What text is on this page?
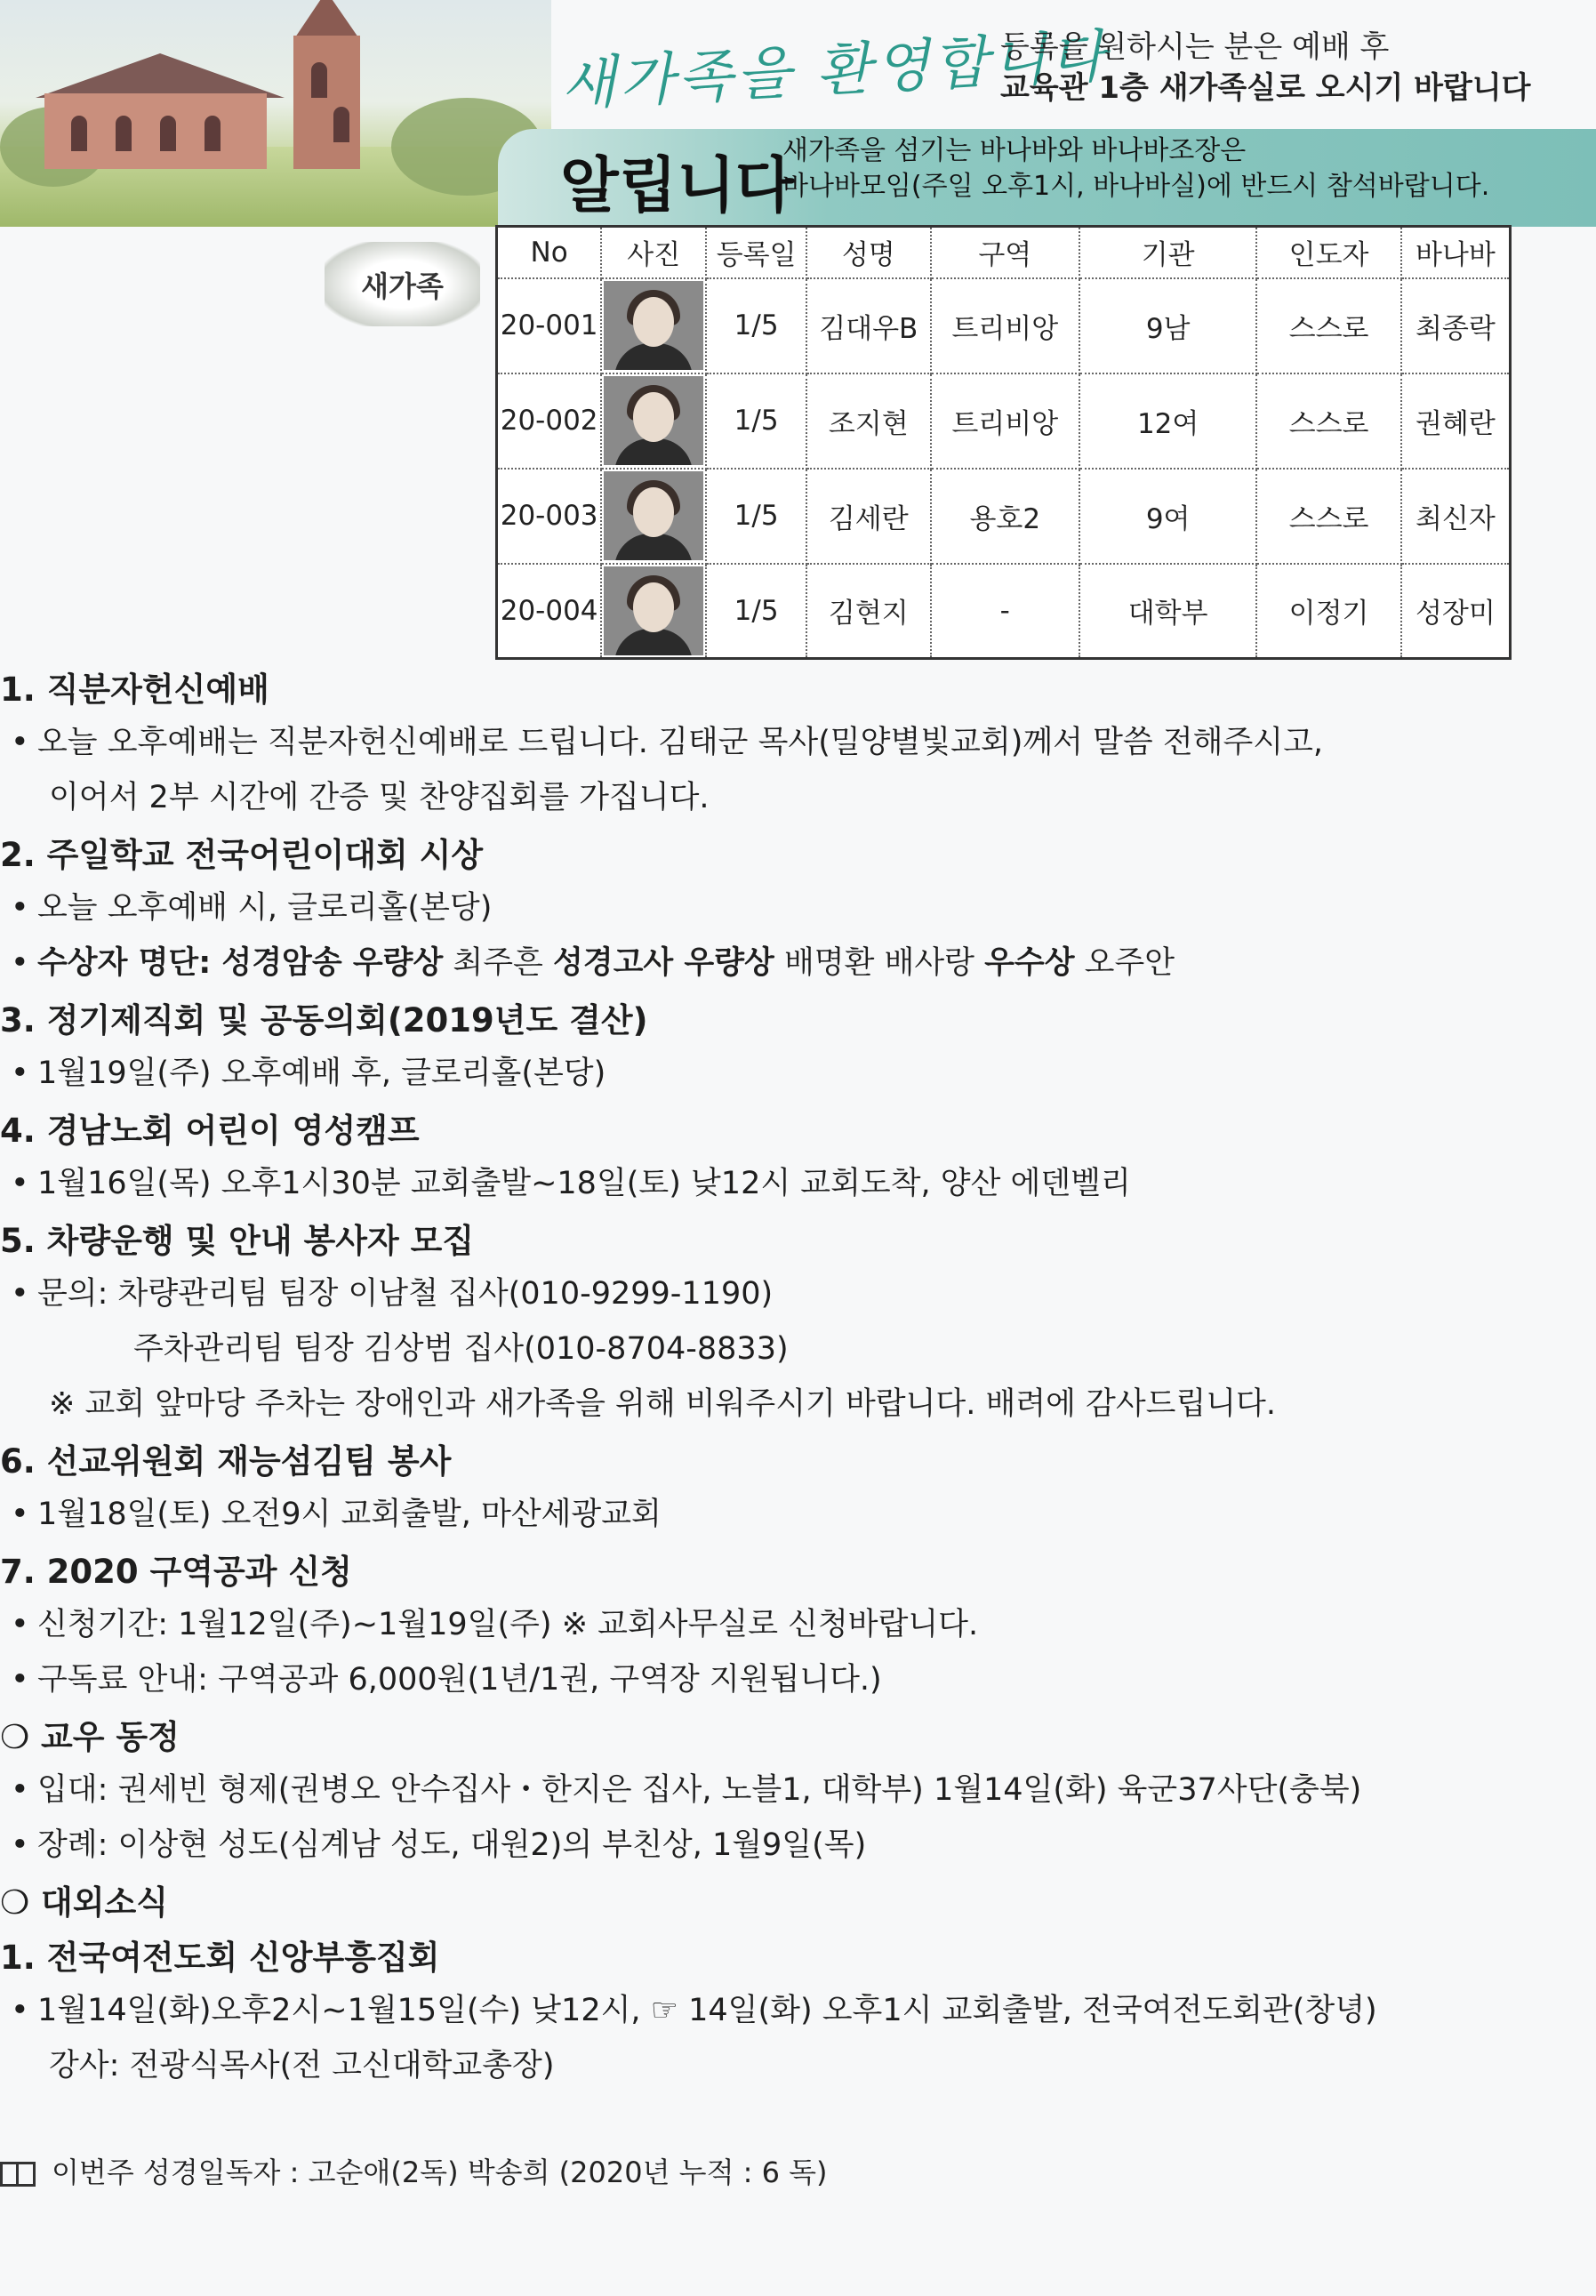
새가족을 환영합니다
등록을 원하시는 분은 예배 후
교육관 1층 새가족실로 오시기 바랍니다
알립니다
새가족을 섬기는 바나바와 바나바조장은
바나바모임(주일 오후1시, 바나바실)에 반드시 참석바랍니다.
새가족
No	사진	등록일	성명	구역	기관	인도자	바나바
20-001		1/5	김대우B	트리비앙	9남	스스로	최종락
20-002		1/5	조지현	트리비앙	12여	스스로	권혜란
20-003		1/5	김세란	용호2	9여	스스로	최신자
20-004		1/5	김현지	-	대학부	이정기	성장미
1. 직분자헌신예배
• 오늘 오후예배는 직분자헌신예배로 드립니다. 김태군 목사(밀양별빛교회)께서 말씀 전해주시고,
이어서 2부 시간에 간증 및 찬양집회를 가집니다.
2. 주일학교 전국어린이대회 시상
• 오늘 오후예배 시, 글로리홀(본당)
• 수상자 명단: 성경암송 우량상 최주흔 성경고사 우량상 배명환 배사랑 우수상 오주안
3. 정기제직회 및 공동의회(2019년도 결산)
• 1월19일(주) 오후예배 후, 글로리홀(본당)
4. 경남노회 어린이 영성캠프
• 1월16일(목) 오후1시30분 교회출발~18일(토) 낮12시 교회도착, 양산 에덴벨리
5. 차량운행 및 안내 봉사자 모집
• 문의: 차량관리팀 팀장 이남철 집사(010-9299-1190)
주차관리팀 팀장 김상범 집사(010-8704-8833)
※ 교회 앞마당 주차는 장애인과 새가족을 위해 비워주시기 바랍니다. 배려에 감사드립니다.
6. 선교위원회 재능섬김팀 봉사
• 1월18일(토) 오전9시 교회출발, 마산세광교회
7. 2020 구역공과 신청
• 신청기간: 1월12일(주)~1월19일(주) ※ 교회사무실로 신청바랍니다.
• 구독료 안내: 구역공과 6,000원(1년/1권, 구역장 지원됩니다.)
❍ 교우 동정
• 입대: 권세빈 형제(권병오 안수집사・한지은 집사, 노블1, 대학부) 1월14일(화) 육군37사단(충북)
• 장례: 이상현 성도(심계남 성도, 대원2)의 부친상, 1월9일(목)
❍ 대외소식
1. 전국여전도회 신앙부흥집회
• 1월14일(화)오후2시~1월15일(수) 낮12시, ☞ 14일(화) 오후1시 교회출발, 전국여전도회관(창녕)
강사: 전광식목사(전 고신대학교총장)
이번주 성경일독자 : 고순애(2독) 박송희 (2020년 누적 : 6 독)
